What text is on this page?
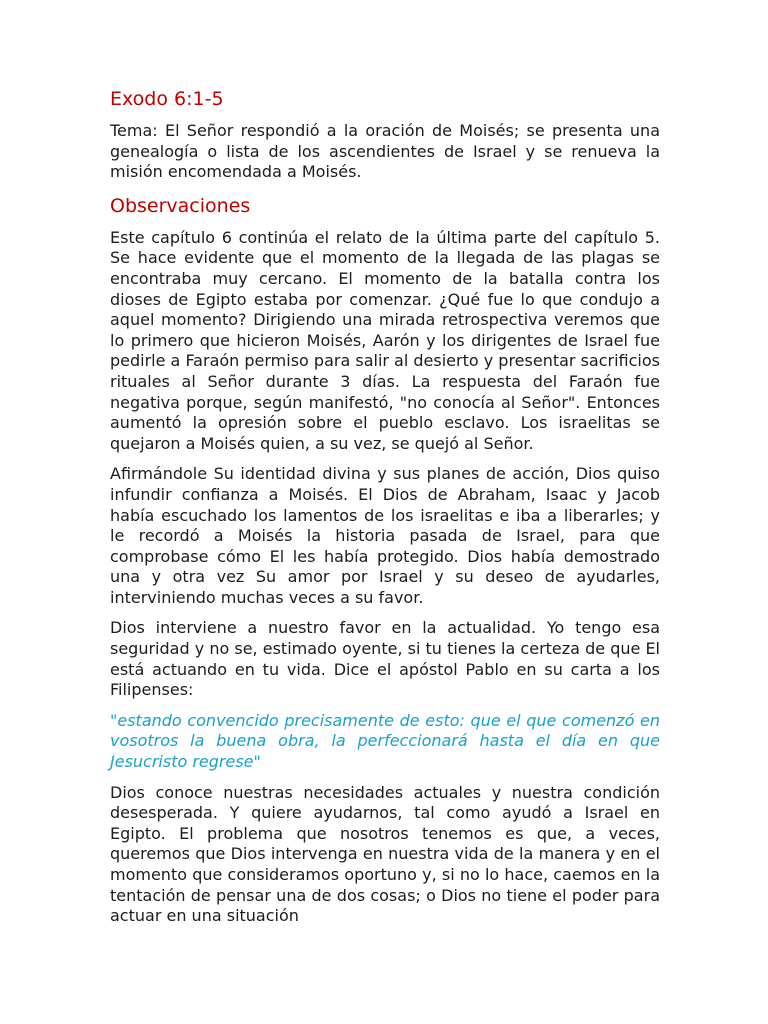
Exodo 6:1-5

Tema: El Señor respondió a la oración de Moisés; se presenta una genealogía o lista de los ascendientes de Israel y se renueva la misión encomendada a Moisés.

Observaciones

Este capítulo 6 continúa el relato de la última parte del capítulo 5. Se hace evidente que el momento de la llegada de las plagas se encontraba muy cercano. El momento de la batalla contra los dioses de Egipto estaba por comenzar. ¿Qué fue lo que condujo a aquel momento? Dirigiendo una mirada retrospectiva veremos que lo primero que hicieron Moisés, Aarón y los dirigentes de Israel fue pedirle a Faraón permiso para salir al desierto y presentar sacrificios rituales al Señor durante 3 días. La respuesta del Faraón fue negativa porque, según manifestó, "no conocía al Señor". Entonces aumentó la opresión sobre el pueblo esclavo. Los israelitas se quejaron a Moisés quien, a su vez, se quejó al Señor.

Afirmándole Su identidad divina y sus planes de acción, Dios quiso infundir confianza a Moisés. El Dios de Abraham, Isaac y Jacob había escuchado los lamentos de los israelitas e iba a liberarles; y le recordó a Moisés la historia pasada de Israel, para que comprobase cómo El les había protegido. Dios había demostrado una y otra vez Su amor por Israel y su deseo de ayudarles, interviniendo muchas veces a su favor.

Dios interviene a nuestro favor en la actualidad. Yo tengo esa seguridad y no se, estimado oyente, si tu tienes la certeza de que El está actuando en tu vida. Dice el apóstol Pablo en su carta a los Filipenses:

"estando convencido precisamente de esto: que el que comenzó en vosotros la buena obra, la perfeccionará hasta el día en que Jesucristo regrese"

Dios conoce nuestras necesidades actuales y nuestra condición desesperada. Y quiere ayudarnos, tal como ayudó a Israel en Egipto. El problema que nosotros tenemos es que, a veces, queremos que Dios intervenga en nuestra vida de la manera y en el momento que consideramos oportuno y, si no lo hace, caemos en la tentación de pensar una de dos cosas; o Dios no tiene el poder para actuar en una situación
